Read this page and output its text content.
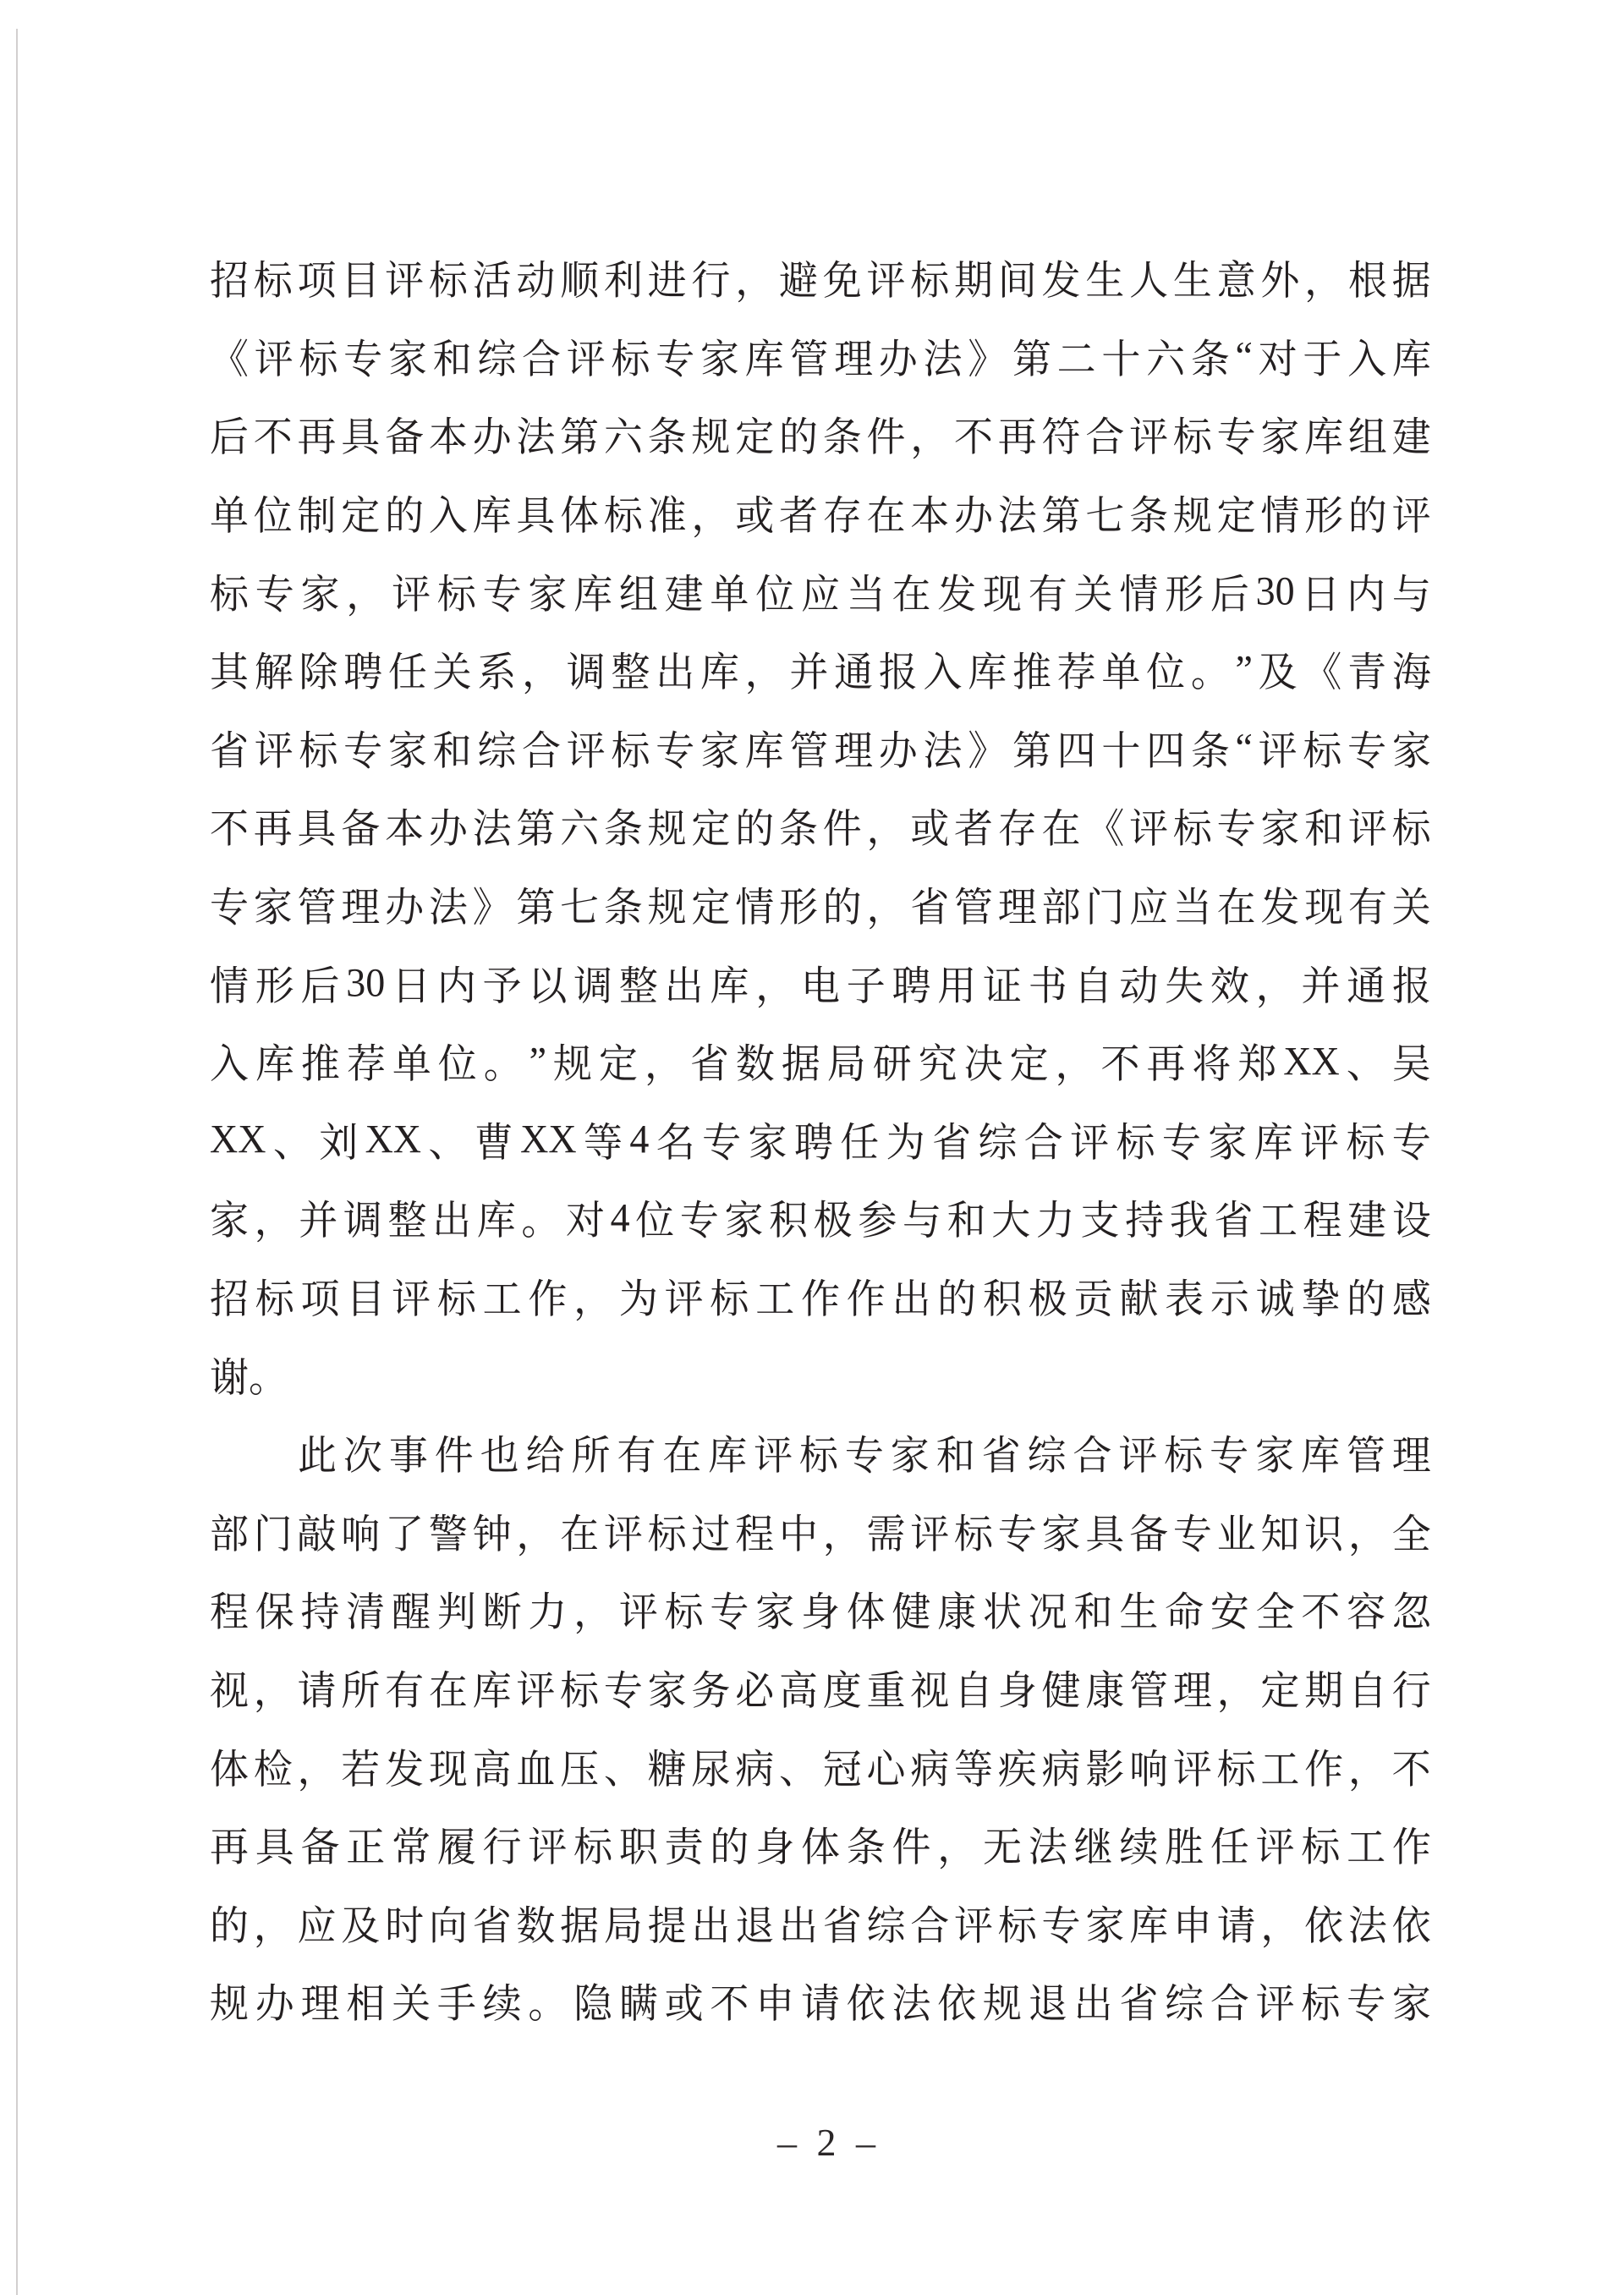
招 标 项 目 评 标 活 动 顺 利 进 行 ， 避 免 评 标 期 间 发 生 人 生 意 外 ， 根 据
《 评 标 专 家 和 综 合 评 标 专 家 库 管 理 办 法 》 第 二 十 六 条 “ 对 于 入 库
后 不 再 具 备 本 办 法 第 六 条 规 定 的 条 件 ， 不 再 符 合 评 标 专 家 库 组 建
单 位 制 定 的 入 库 具 体 标 准 ， 或 者 存 在 本 办 法 第 七 条 规 定 情 形 的 评
标 专 家 ， 评 标 专 家 库 组 建 单 位 应 当 在 发 现 有 关 情 形 后 30 日 内 与
其 解 除 聘 任 关 系 ， 调 整 出 库 ， 并 通 报 入 库 推 荐 单 位 。 ” 及 《 青 海
省 评 标 专 家 和 综 合 评 标 专 家 库 管 理 办 法 》 第 四 十 四 条 “ 评 标 专 家
不 再 具 备 本 办 法 第 六 条 规 定 的 条 件 ， 或 者 存 在 《 评 标 专 家 和 评 标
专 家 管 理 办 法 》 第 七 条 规 定 情 形 的 ， 省 管 理 部 门 应 当 在 发 现 有 关
情 形 后 30 日 内 予 以 调 整 出 库 ， 电 子 聘 用 证 书 自 动 失 效 ， 并 通 报
入 库 推 荐 单 位 。 ” 规 定 ， 省 数 据 局 研 究 决 定 ， 不 再 将 郑 XX 、 吴
XX 、 刘 XX 、 曹 XX 等 4 名 专 家 聘 任 为 省 综 合 评 标 专 家 库 评 标 专
家 ， 并 调 整 出 库 。 对 4 位 专 家 积 极 参 与 和 大 力 支 持 我 省 工 程 建 设
招 标 项 目 评 标 工 作 ， 为 评 标 工 作 作 出 的 积 极 贡 献 表 示 诚 挚 的 感
谢 。
此 次 事 件 也 给 所 有 在 库 评 标 专 家 和 省 综 合 评 标 专 家 库 管 理
部 门 敲 响 了 警 钟 ， 在 评 标 过 程 中 ， 需 评 标 专 家 具 备 专 业 知 识 ， 全
程 保 持 清 醒 判 断 力 ， 评 标 专 家 身 体 健 康 状 况 和 生 命 安 全 不 容 忽
视 ， 请 所 有 在 库 评 标 专 家 务 必 高 度 重 视 自 身 健 康 管 理 ， 定 期 自 行
体 检 ， 若 发 现 高 血 压 、 糖 尿 病 、 冠 心 病 等 疾 病 影 响 评 标 工 作 ， 不
再 具 备 正 常 履 行 评 标 职 责 的 身 体 条 件 ， 无 法 继 续 胜 任 评 标 工 作
的 ， 应 及 时 向 省 数 据 局 提 出 退 出 省 综 合 评 标 专 家 库 申 请 ， 依 法 依
规 办 理 相 关 手 续 。 隐 瞒 或 不 申 请 依 法 依 规 退 出 省 综 合 评 标 专 家
– 2 –
